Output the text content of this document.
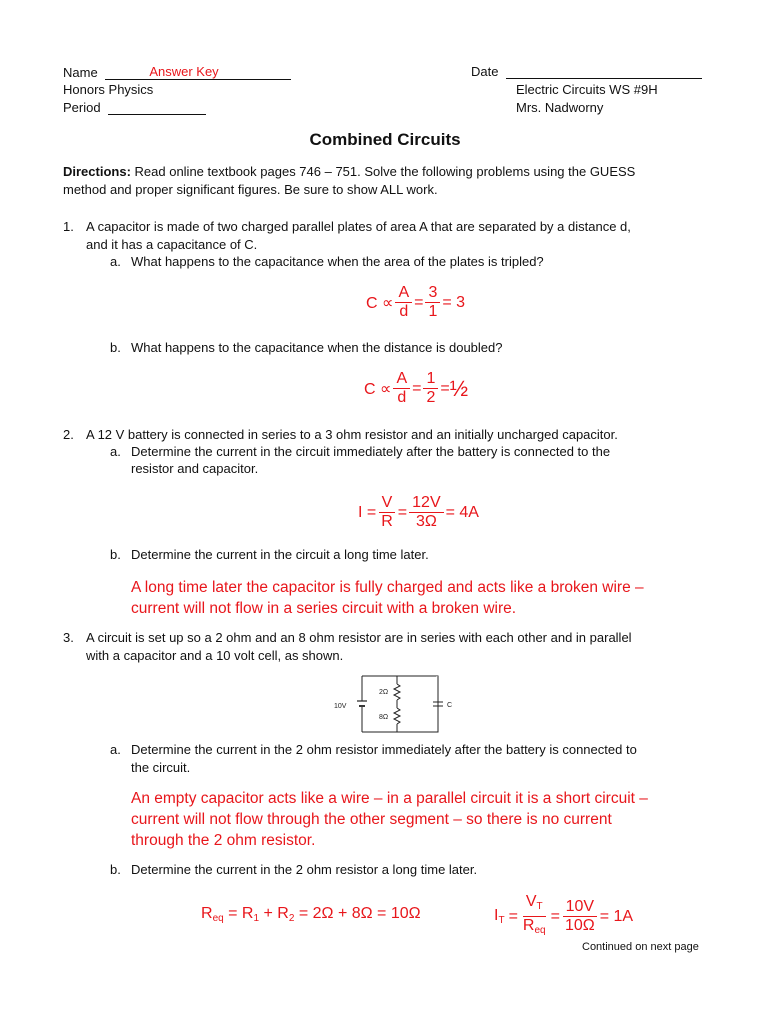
Name	Answer Key
Honors Physics
Period
Date
Electric Circuits WS #9H
Mrs. Nadworny
Combined Circuits
Directions: Read online textbook pages 746 – 751. Solve the following problems using the GUESS
method and proper significant figures. Be sure to show ALL work.
1. A capacitor is made of two charged parallel plates of area A that are separated by a distance d,
and it has a capacitance of C.
a. What happens to the capacitance when the area of the plates is tripled?
$C \propto \frac{A}{d} = \frac{3}{1} = 3$
b. What happens to the capacitance when the distance is doubled?
$C \propto \frac{A}{d} = \frac{1}{2}$ = ½
2. A 12 V battery is connected in series to a 3 ohm resistor and an initially uncharged capacitor.
a. Determine the current in the circuit immediately after the battery is connected to the
resistor and capacitor.
$I = \frac{V}{R} = \frac{12V}{3\Omega} = 4A$
b. Determine the current in the circuit a long time later.
A long time later the capacitor is fully charged and acts like a broken wire –
current will not flow in a series circuit with a broken wire.
3. A circuit is set up so a 2 ohm and an 8 ohm resistor are in series with each other and in parallel
with a capacitor and a 10 volt cell, as shown.
10V
2Ω
8Ω
C
a. Determine the current in the 2 ohm resistor immediately after the battery is connected to
the circuit.
An empty capacitor acts like a wire – in a parallel circuit it is a short circuit –
current will not flow through the other segment – so there is no current
through the 2 ohm resistor.
b. Determine the current in the 2 ohm resistor a long time later.
$R_{eq} = R_1 + R_2 = 2\Omega + 8\Omega = 10\Omega$	$I_T = \frac{V_T}{R_{eq}} = \frac{10V}{10\Omega} = 1A$
Continued on next page
